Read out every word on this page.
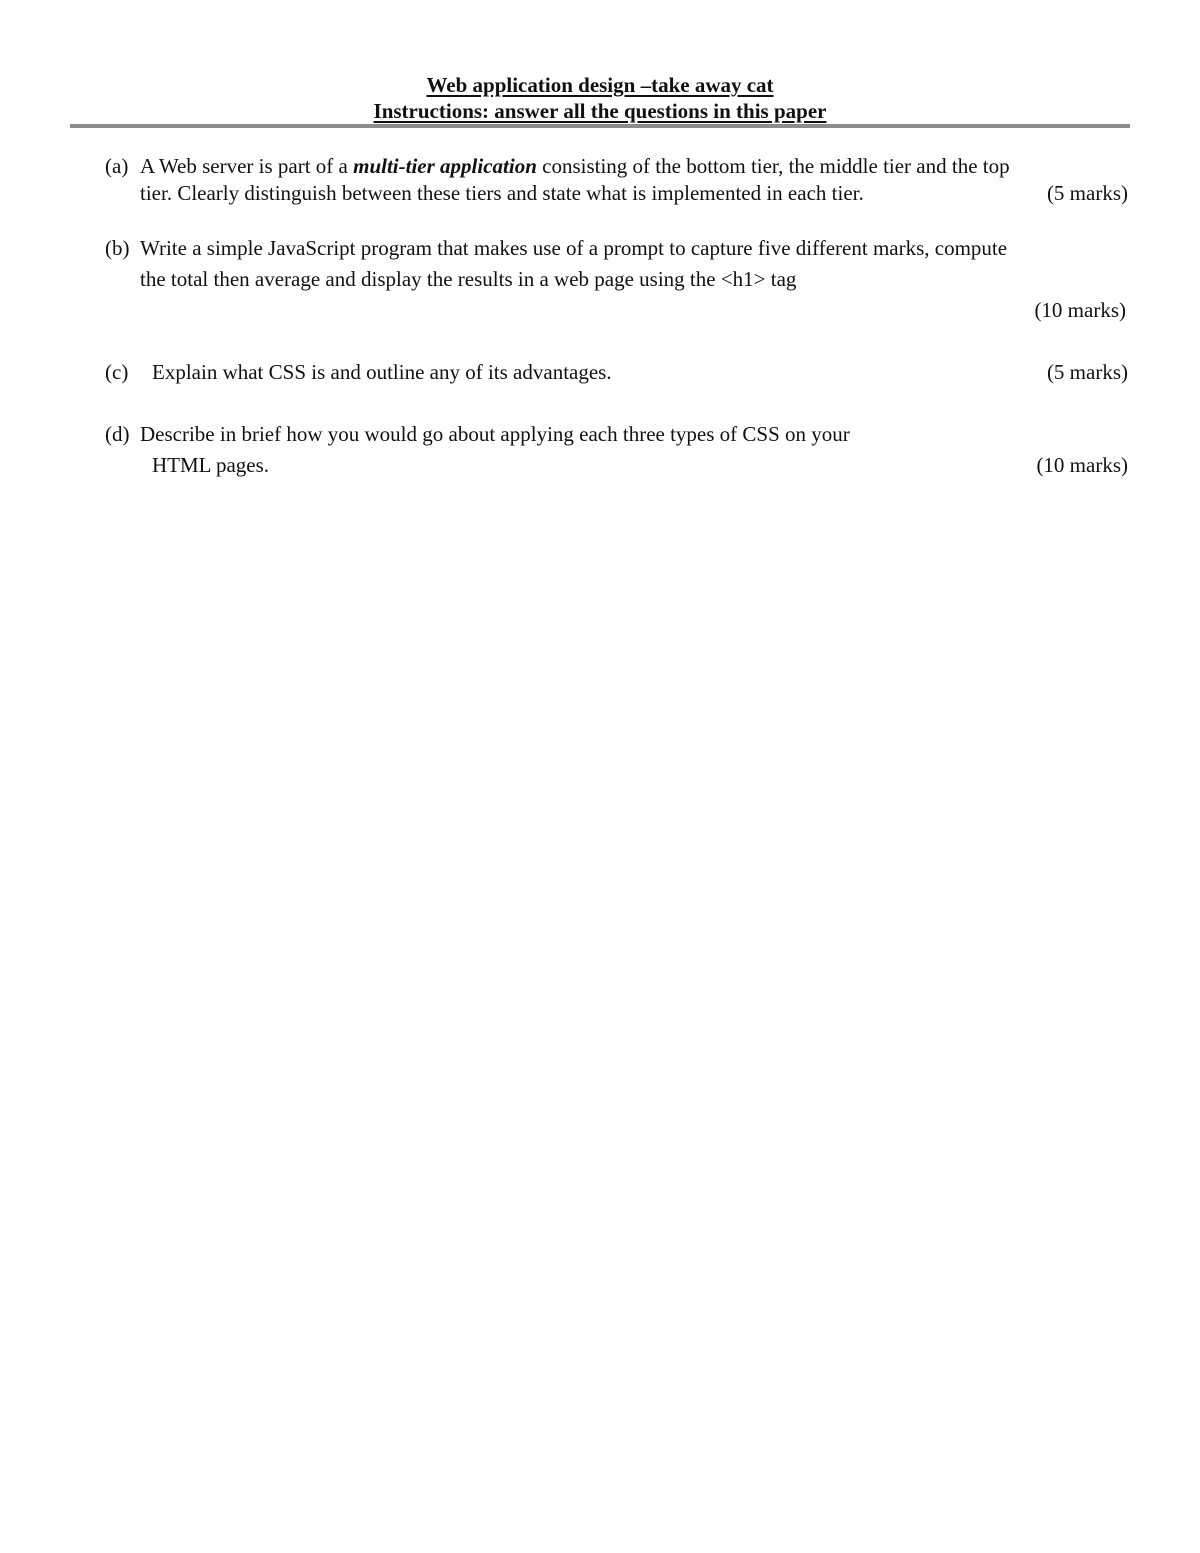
Web application design –take away cat
Instructions: answer all the questions in this paper
(a) A Web server is part of a multi-tier application consisting of the bottom tier, the middle tier and the top
tier. Clearly distinguish between these tiers and state what is implemented in each tier.	(5 marks)
(b) Write a simple JavaScript program that makes use of a prompt to capture five different marks, compute
the total then average and display the results in a web page using the <h1> tag
(10 marks)
(c) Explain what CSS is and outline any of its advantages.	(5 marks)
(d) Describe in brief how you would go about applying each three types of CSS on your
HTML pages.	(10 marks)
